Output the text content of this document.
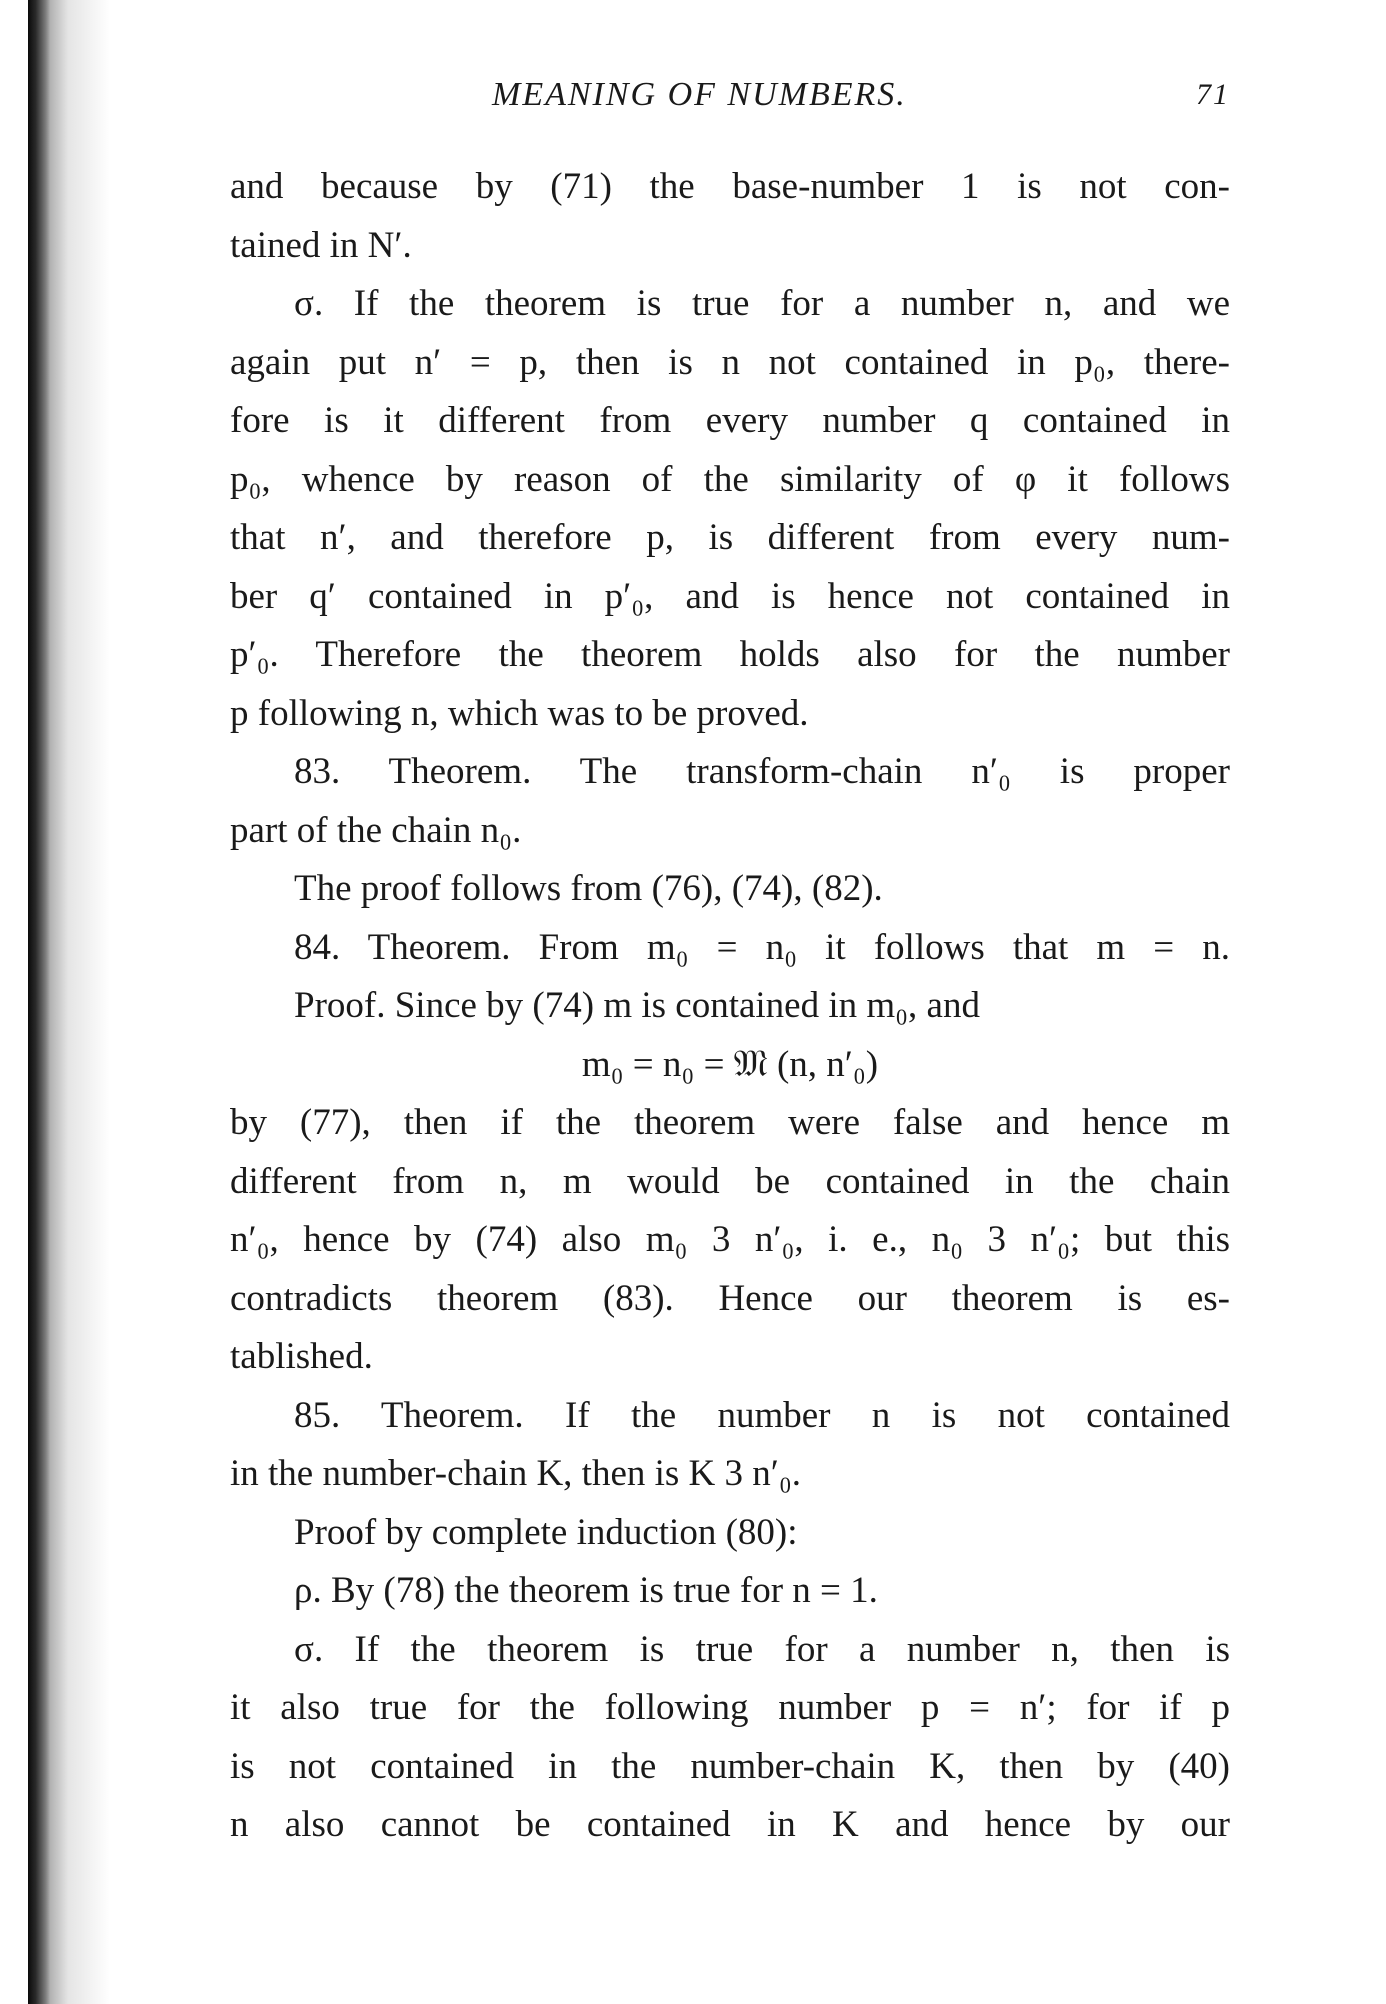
MEANING OF NUMBERS.	71
and because by (71) the base-number 1 is not con-
tained in N′.
σ. If the theorem is true for a number n, and we
again put n′ = p, then is n not contained in p₀, there-
fore is it different from every number q contained in
p₀, whence by reason of the similarity of φ it follows
that n′, and therefore p, is different from every num-
ber q′ contained in p′₀, and is hence not contained in
p′₀. Therefore the theorem holds also for the number
p following n, which was to be proved.
83. Theorem. The transform-chain n′₀ is proper
part of the chain n₀.
The proof follows from (76), (74), (82).
84. Theorem. From m₀ = n₀ it follows that m = n.
Proof. Since by (74) m is contained in m₀, and
m₀ = n₀ = 𝔐 (n, n′₀)
by (77), then if the theorem were false and hence m
different from n, m would be contained in the chain
n′₀, hence by (74) also m₀ 3 n′₀, i. e., n₀ 3 n′₀; but this
contradicts theorem (83). Hence our theorem is es-
tablished.
85. Theorem. If the number n is not contained
in the number-chain K, then is K 3 n′₀.
Proof by complete induction (80):
ρ. By (78) the theorem is true for n = 1.
σ. If the theorem is true for a number n, then is
it also true for the following number p = n′; for if p
is not contained in the number-chain K, then by (40)
n also cannot be contained in K and hence by our
